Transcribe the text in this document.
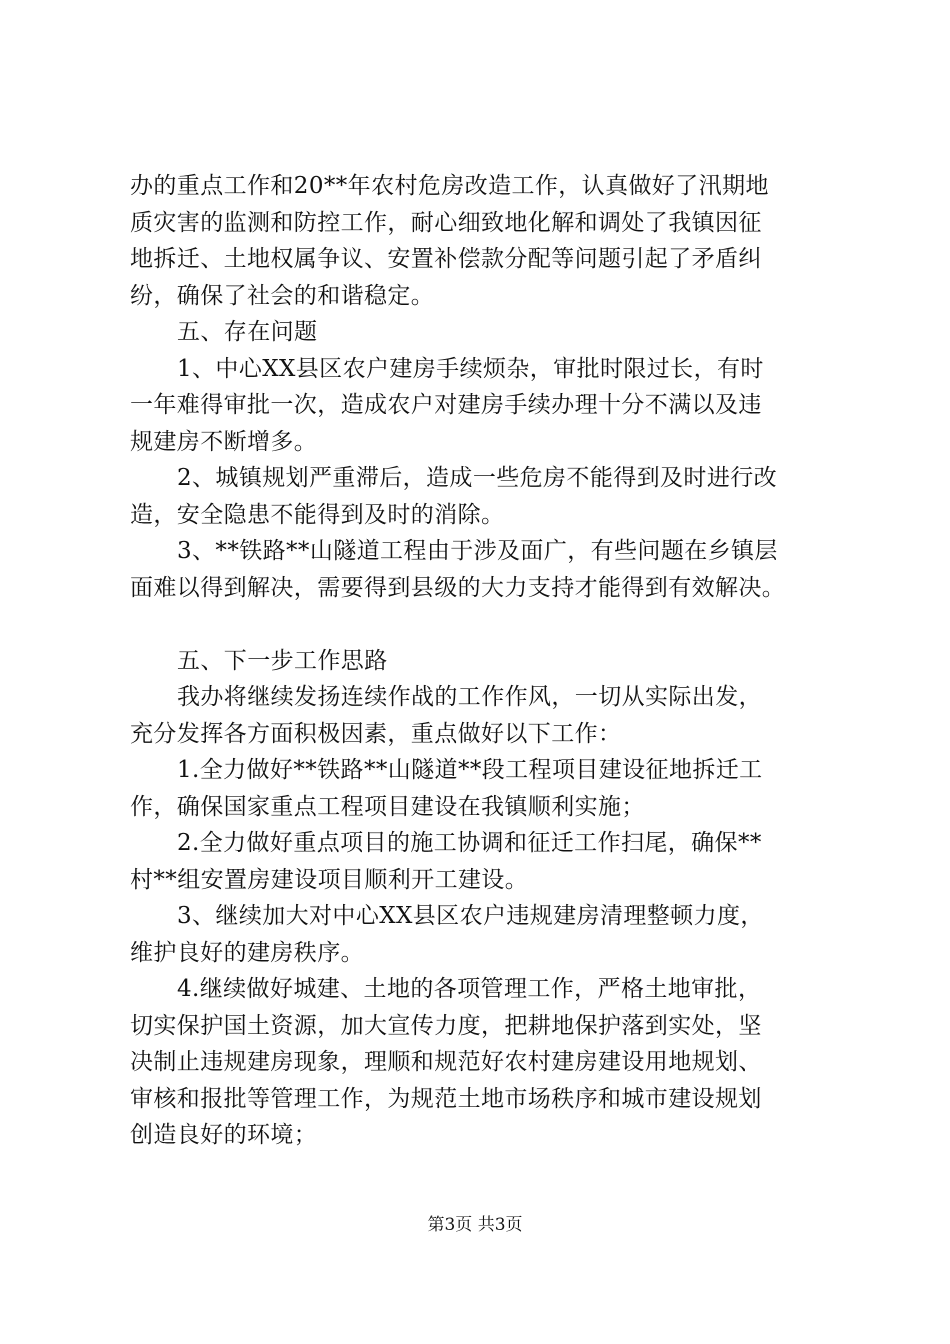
办的重点工作和20**年农村危房改造工作，认真做好了汛期地
质灾害的监测和防控工作，耐心细致地化解和调处了我镇因征
地拆迁、土地权属争议、安置补偿款分配等问题引起了矛盾纠
纷，确保了社会的和谐稳定。
五、存在问题
1、中心XX县区农户建房手续烦杂，审批时限过长，有时
一年难得审批一次，造成农户对建房手续办理十分不满以及违
规建房不断增多。
2、城镇规划严重滞后，造成一些危房不能得到及时进行改
造，安全隐患不能得到及时的消除。
3、**铁路**山隧道工程由于涉及面广，有些问题在乡镇层
面难以得到解决，需要得到县级的大力支持才能得到有效解决。
五、下一步工作思路
我办将继续发扬连续作战的工作作风，一切从实际出发，
充分发挥各方面积极因素，重点做好以下工作：
1.全力做好**铁路**山隧道**段工程项目建设征地拆迁工
作，确保国家重点工程项目建设在我镇顺利实施；
2.全力做好重点项目的施工协调和征迁工作扫尾，确保**
村**组安置房建设项目顺利开工建设。
3、继续加大对中心XX县区农户违规建房清理整顿力度，
维护良好的建房秩序。
4.继续做好城建、土地的各项管理工作，严格土地审批，
切实保护国土资源，加大宣传力度，把耕地保护落到实处，坚
决制止违规建房现象，理顺和规范好农村建房建设用地规划、
审核和报批等管理工作，为规范土地市场秩序和城市建设规划
创造良好的环境；
第3页 共3页
